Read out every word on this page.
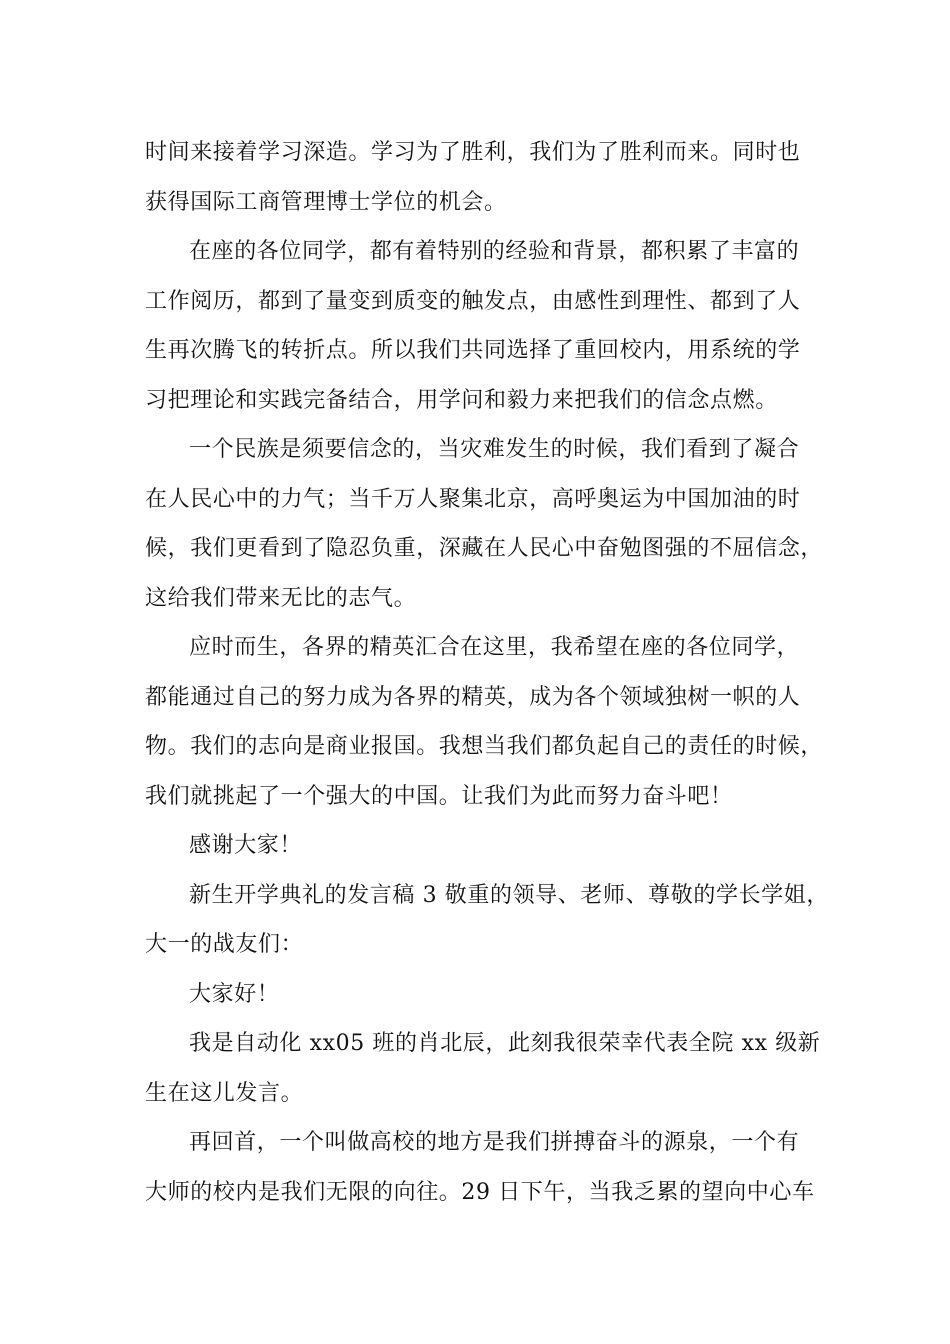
时间来接着学习深造。学习为了胜利，我们为了胜利而来。同时也
获得国际工商管理博士学位的机会。
在座的各位同学，都有着特别的经验和背景，都积累了丰富的
工作阅历，都到了量变到质变的触发点，由感性到理性、都到了人
生再次腾飞的转折点。所以我们共同选择了重回校内，用系统的学
习把理论和实践完备结合，用学问和毅力来把我们的信念点燃。
一个民族是须要信念的，当灾难发生的时候，我们看到了凝合
在人民心中的力气；当千万人聚集北京，高呼奥运为中国加油的时
候，我们更看到了隐忍负重，深藏在人民心中奋勉图强的不屈信念，
这给我们带来无比的志气。
应时而生，各界的精英汇合在这里，我希望在座的各位同学，
都能通过自己的努力成为各界的精英，成为各个领域独树一帜的人
物。我们的志向是商业报国。我想当我们都负起自己的责任的时候，
我们就挑起了一个强大的中国。让我们为此而努力奋斗吧！
感谢大家！
新生开学典礼的发言稿 3 敬重的领导、老师、尊敬的学长学姐，
大一的战友们：
大家好！
我是自动化 xx05 班的肖北辰，此刻我很荣幸代表全院 xx 级新
生在这儿发言。
再回首，一个叫做高校的地方是我们拼搏奋斗的源泉，一个有
大师的校内是我们无限的向往。29 日下午，当我乏累的望向中心车
